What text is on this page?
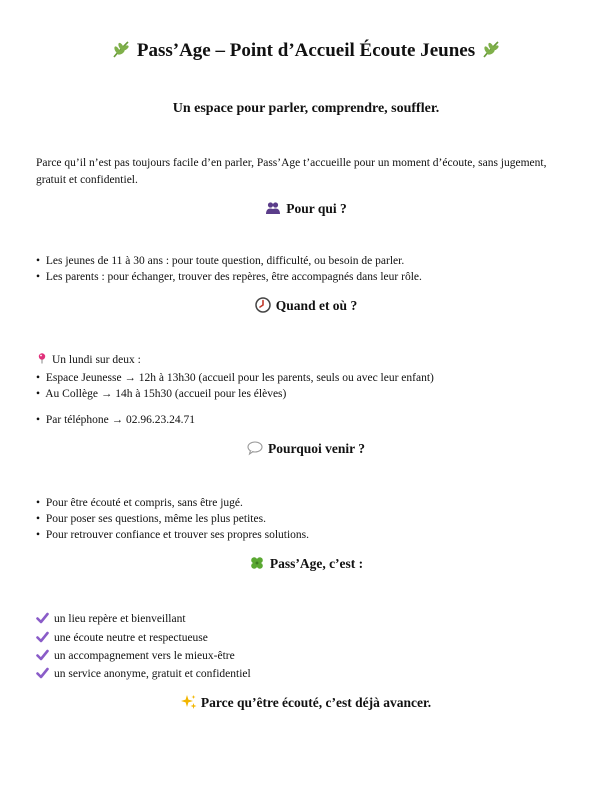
Pass’Age – Point d’Accueil Écoute Jeunes
Un espace pour parler, comprendre, souffler.
Parce qu’il n’est pas toujours facile d’en parler, Pass’Age t’accueille pour un moment d’écoute, sans jugement, gratuit et confidentiel.
Pour qui ?
• Les jeunes de 11 à 30 ans : pour toute question, difficulté, ou besoin de parler.
• Les parents : pour échanger, trouver des repères, être accompagnés dans leur rôle.
Quand et où ?
Un lundi sur deux :
• Espace Jeunesse → 12h à 13h30 (accueil pour les parents, seuls ou avec leur enfant)
• Au Collège → 14h à 15h30 (accueil pour les élèves)
• Par téléphone → 02.96.23.24.71
Pourquoi venir ?
• Pour être écouté et compris, sans être jugé.
• Pour poser ses questions, même les plus petites.
• Pour retrouver confiance et trouver ses propres solutions.
Pass’Age, c’est :
un lieu repère et bienveillant
une écoute neutre et respectueuse
un accompagnement vers le mieux-être
un service anonyme, gratuit et confidentiel
Parce qu’être écouté, c’est déjà avancer.
